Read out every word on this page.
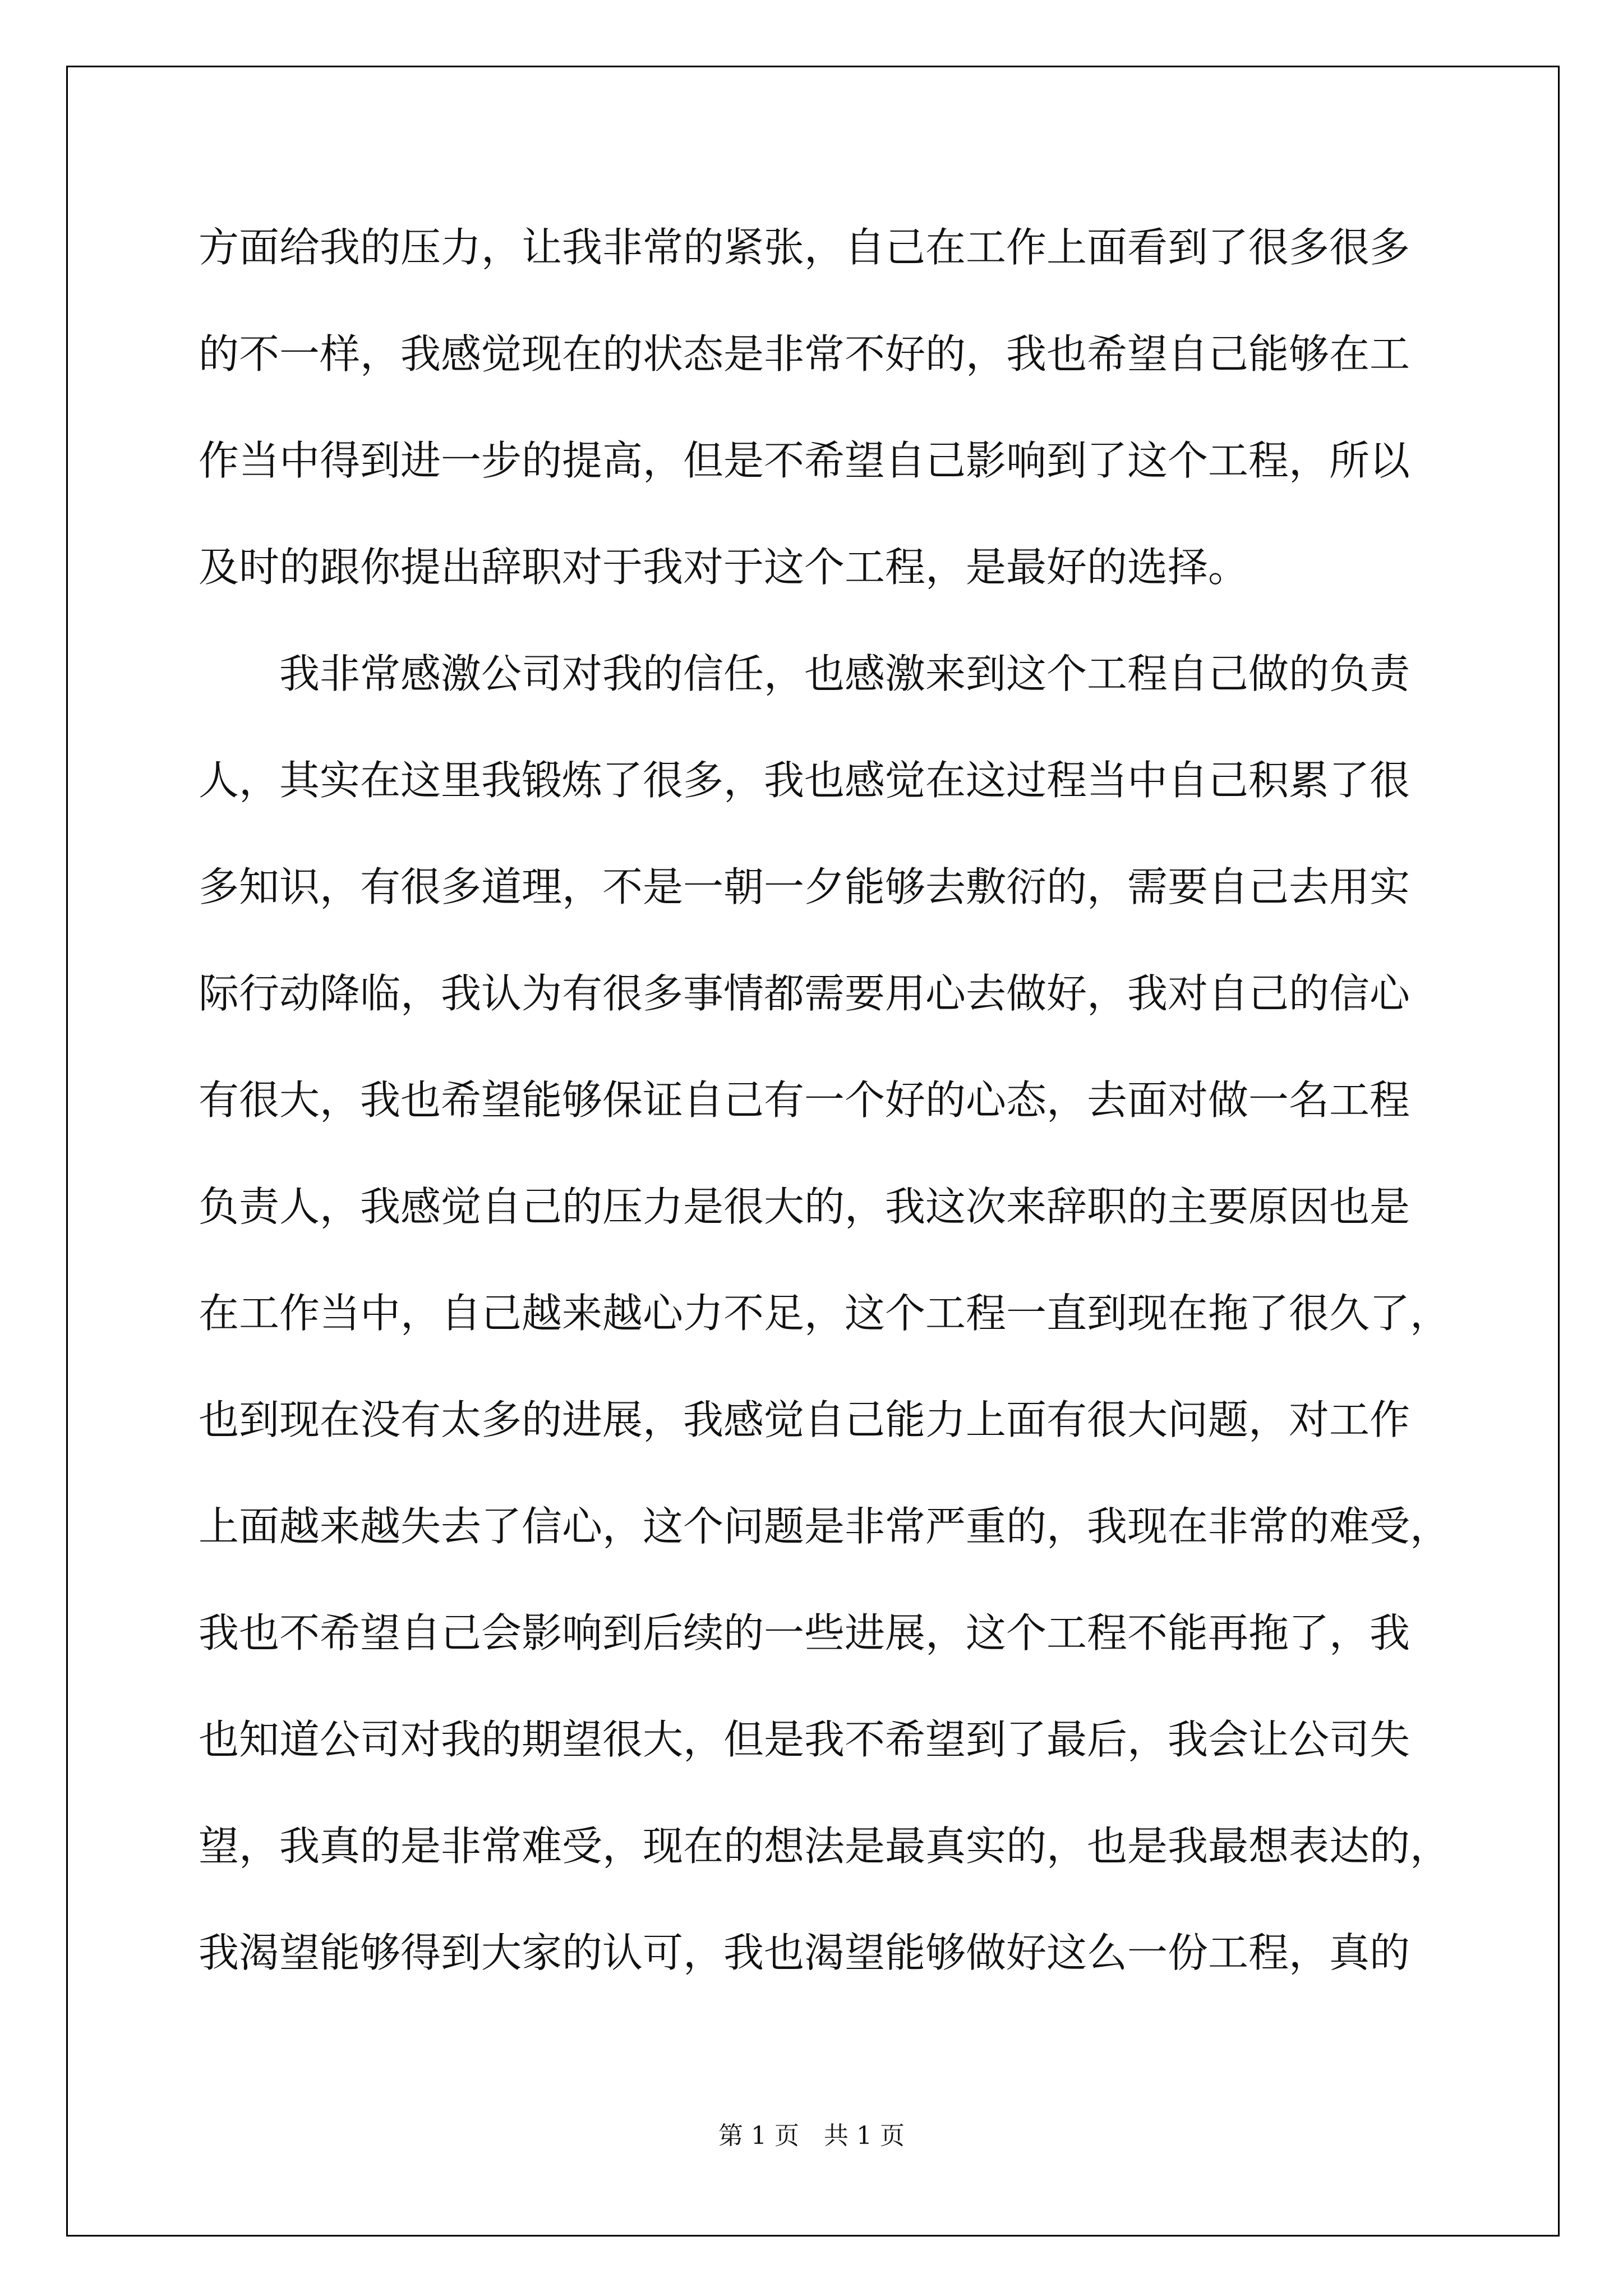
方面给我的压力，让我非常的紧张，自己在工作上面看到了很多很多
的不一样，我感觉现在的状态是非常不好的，我也希望自己能够在工
作当中得到进一步的提高，但是不希望自己影响到了这个工程，所以
及时的跟你提出辞职对于我对于这个工程，是最好的选择。
我非常感激公司对我的信任，也感激来到这个工程自己做的负责
人，其实在这里我锻炼了很多，我也感觉在这过程当中自己积累了很
多知识，有很多道理，不是一朝一夕能够去敷衍的，需要自己去用实
际行动降临，我认为有很多事情都需要用心去做好，我对自己的信心
有很大，我也希望能够保证自己有一个好的心态，去面对做一名工程
负责人，我感觉自己的压力是很大的，我这次来辞职的主要原因也是
在工作当中，自己越来越心力不足，这个工程一直到现在拖了很久了，
也到现在没有太多的进展，我感觉自己能力上面有很大问题，对工作
上面越来越失去了信心，这个问题是非常严重的，我现在非常的难受，
我也不希望自己会影响到后续的一些进展，这个工程不能再拖了，我
也知道公司对我的期望很大，但是我不希望到了最后，我会让公司失
望，我真的是非常难受，现在的想法是最真实的，也是我最想表达的，
我渴望能够得到大家的认可，我也渴望能够做好这么一份工程，真的
第 1 页　共 1 页
